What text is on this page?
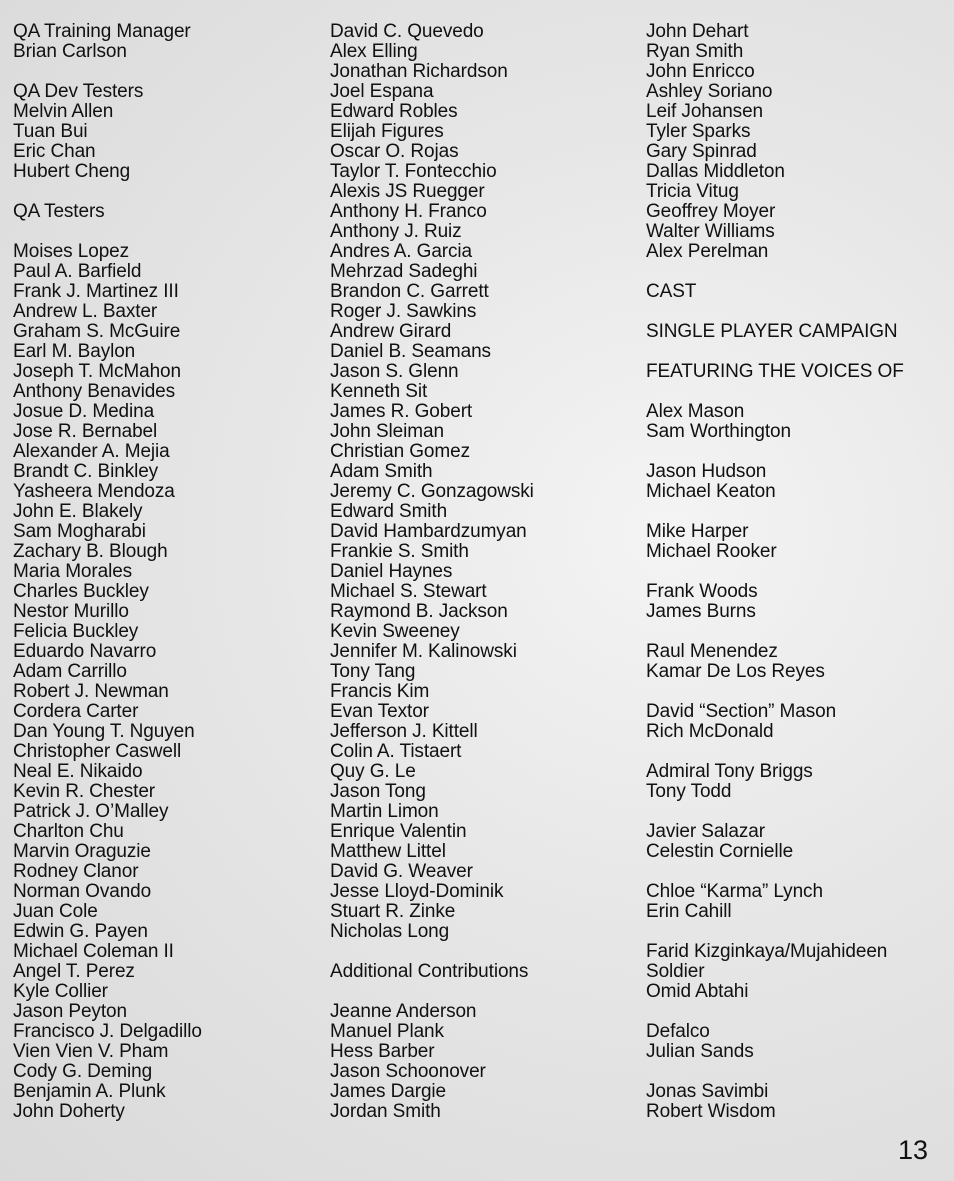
QA Training Manager
Brian Carlson
QA Dev Testers
Melvin Allen
Tuan Bui
Eric Chan
Hubert Cheng
QA Testers
Moises Lopez
Paul A. Barfield
Frank J. Martinez III
Andrew L. Baxter
Graham S. McGuire
Earl M. Baylon
Joseph T. McMahon
Anthony Benavides
Josue D. Medina
Jose R. Bernabel
Alexander A. Mejia
Brandt C. Binkley
Yasheera Mendoza
John E. Blakely
Sam Mogharabi
Zachary B. Blough
Maria Morales
Charles Buckley
Nestor Murillo
Felicia Buckley
Eduardo Navarro
Adam Carrillo
Robert J. Newman
Cordera Carter
Dan Young T. Nguyen
Christopher Caswell
Neal E. Nikaido
Kevin R. Chester
Patrick J. O’Malley
Charlton Chu
Marvin Oraguzie
Rodney Clanor
Norman Ovando
Juan Cole
Edwin G. Payen
Michael Coleman II
Angel T. Perez
Kyle Collier
Jason Peyton
Francisco J. Delgadillo
Vien Vien V. Pham
Cody G. Deming
Benjamin A. Plunk
John Doherty
David C. Quevedo
Alex Elling
Jonathan Richardson
Joel Espana
Edward Robles
Elijah Figures
Oscar O. Rojas
Taylor T. Fontecchio
Alexis JS Ruegger
Anthony H. Franco
Anthony J. Ruiz
Andres A. Garcia
Mehrzad Sadeghi
Brandon C. Garrett
Roger J. Sawkins
Andrew Girard
Daniel B. Seamans
Jason S. Glenn
Kenneth Sit
James R. Gobert
John Sleiman
Christian Gomez
Adam Smith
Jeremy C. Gonzagowski
Edward Smith
David Hambardzumyan
Frankie S. Smith
Daniel Haynes
Michael S. Stewart
Raymond B. Jackson
Kevin Sweeney
Jennifer M. Kalinowski
Tony Tang
Francis Kim
Evan Textor
Jefferson J. Kittell
Colin A. Tistaert
Quy G. Le
Jason Tong
Martin Limon
Enrique Valentin
Matthew Littel
David G. Weaver
Jesse Lloyd-Dominik
Stuart R. Zinke
Nicholas Long
Additional Contributions
Jeanne Anderson
Manuel Plank
Hess Barber
Jason Schoonover
James Dargie
Jordan Smith
John Dehart
Ryan Smith
John Enricco
Ashley Soriano
Leif Johansen
Tyler Sparks
Gary Spinrad
Dallas Middleton
Tricia Vitug
Geoffrey Moyer
Walter Williams
Alex Perelman
CAST
SINGLE PLAYER CAMPAIGN
FEATURING THE VOICES OF
Alex Mason
Sam Worthington
Jason Hudson
Michael Keaton
Mike Harper
Michael Rooker
Frank Woods
James Burns
Raul Menendez
Kamar De Los Reyes
David “Section” Mason
Rich McDonald
Admiral Tony Briggs
Tony Todd
Javier Salazar
Celestin Cornielle
Chloe “Karma” Lynch
Erin Cahill
Farid Kizginkaya/Mujahideen
Soldier
Omid Abtahi
Defalco
Julian Sands
Jonas Savimbi
Robert Wisdom
13
